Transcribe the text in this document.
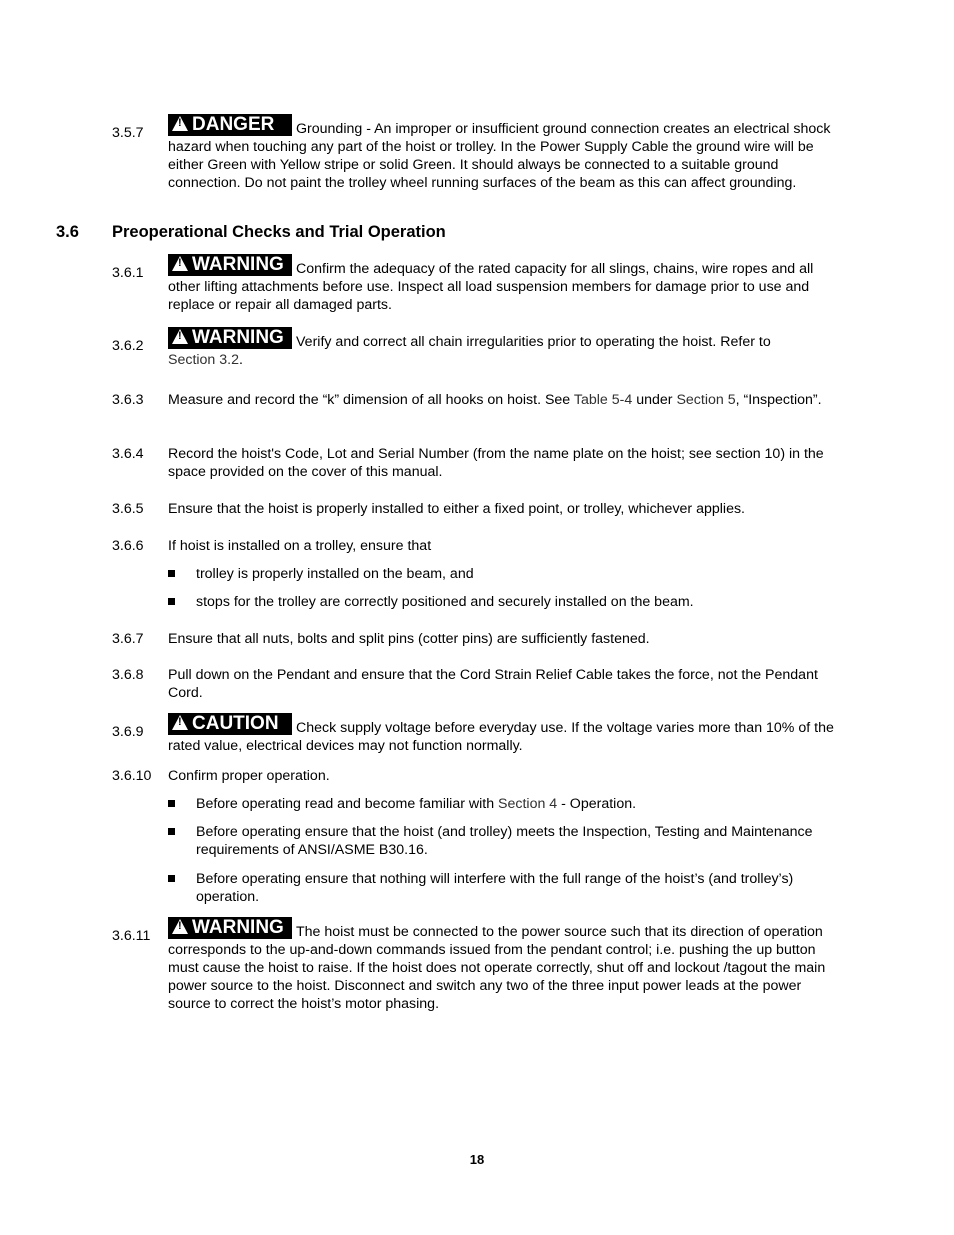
3.5.7 !	DANGER Grounding - An improper or insufficient ground connection creates an electrical shock hazard when touching any part of the hoist or trolley. In the Power Supply Cable the ground wire will be either Green with Yellow stripe or solid Green. It should always be connected to a suitable ground connection. Do not paint the trolley wheel running surfaces of the beam as this can affect grounding.
3.6 Preoperational Checks and Trial Operation
3.6.1 !	WARNING Confirm the adequacy of the rated capacity for all slings, chains, wire ropes and all other lifting attachments before use. Inspect all load suspension members for damage prior to use and replace or repair all damaged parts.
3.6.2 !	WARNING Verify and correct all chain irregularities prior to operating the hoist. Refer to
Section 3.2.
3.6.3 Measure and record the “k” dimension of all hooks on hoist. See Table 5-4 under Section 5, “Inspection”.
3.6.4 Record the hoist's Code, Lot and Serial Number (from the name plate on the hoist; see section 10) in the space provided on the cover of this manual.
3.6.5 Ensure that the hoist is properly installed to either a fixed point, or trolley, whichever applies.
3.6.6 If hoist is installed on a trolley, ensure that
trolley is properly installed on the beam, and
stops for the trolley are correctly positioned and securely installed on the beam.
3.6.7 Ensure that all nuts, bolts and split pins (cotter pins) are sufficiently fastened.
3.6.8 Pull down on the Pendant and ensure that the Cord Strain Relief Cable takes the force, not the Pendant Cord.
3.6.9 !	CAUTION Check supply voltage before everyday use. If the voltage varies more than 10% of the rated value, electrical devices may not function normally.
3.6.10 Confirm proper operation.
Before operating read and become familiar with Section 4 - Operation.
Before operating ensure that the hoist (and trolley) meets the Inspection, Testing and Maintenance requirements of ANSI/ASME B30.16.
Before operating ensure that nothing will interfere with the full range of the hoist’s (and trolley’s) operation.
3.6.11 !	WARNING The hoist must be connected to the power source such that its direction of operation corresponds to the up-and-down commands issued from the pendant control; i.e. pushing the up button must cause the hoist to raise. If the hoist does not operate correctly, shut off and lockout /tagout the main power source to the hoist. Disconnect and switch any two of the three input power leads at the power source to correct the hoist’s motor phasing.
18
